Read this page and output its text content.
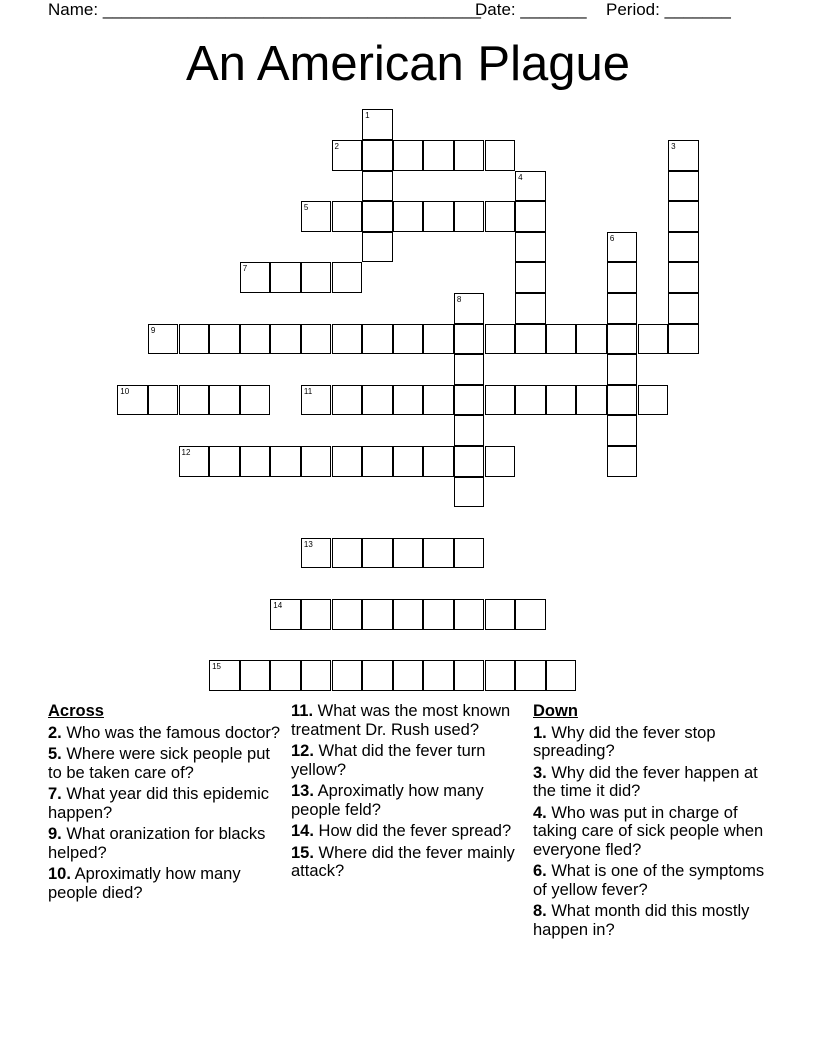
Name: ________________________________________
Date: _______ Period: _______
An American Plague
1
2	3
4
5
6
7
8
9
10	11
12
13
14
15
Across
2. Who was the famous doctor?
5. Where were sick people put to be taken care of?
7. What year did this epidemic happen?
9. What oranization for blacks helped?
10. Aproximatly how many people died?
11. What was the most known treatment Dr. Rush used?
12. What did the fever turn yellow?
13. Aproximatly how many people feld?
14. How did the fever spread?
15. Where did the fever mainly attack?
Down
1. Why did the fever stop spreading?
3. Why did the fever happen at the time it did?
4. Who was put in charge of taking care of sick people when everyone fled?
6. What is one of the symptoms of yellow fever?
8. What month did this mostly happen in?
